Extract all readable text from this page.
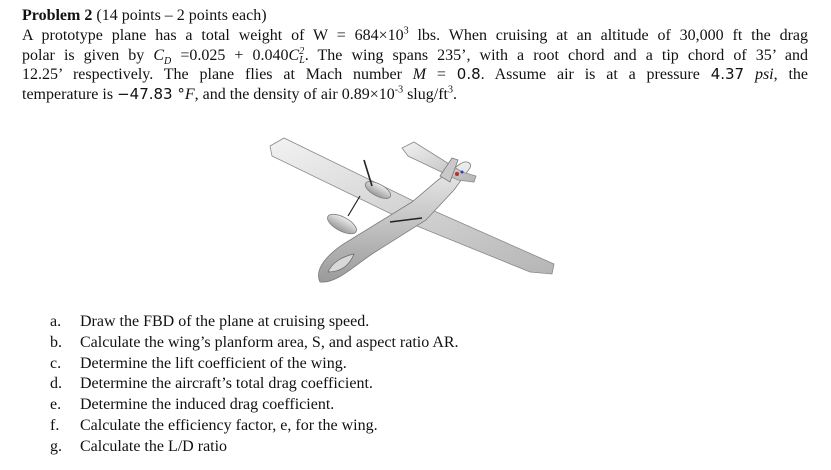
Problem 2 (14 points – 2 points each)
A prototype plane has a total weight of $W = 684\times 10^3$ lbs. When cruising at an altitude of 30,000 ft the drag
polar is given by $C_D =0.025 + 0.040C$ 2
L . The wing spans 235’, with a root chord and a tip chord of 35’ and
12.25’ respectively. The plane flies at Mach number M = 0.8. Assume air is at a pressure 4.37 psi, the
temperature is −47.83 °F, and the density of air $0.89\times 10^{-3}$ slug/$ft^3$.
a.	Draw the FBD of the plane at cruising speed.
b.	Calculate the wing’s planform area, S, and aspect ratio AR.
c.	Determine the lift coefficient of the wing.
d.	Determine the aircraft’s total drag coefficient.
e.	Determine the induced drag coefficient.
f.	Calculate the efficiency factor, e, for the wing.
g.	Calculate the L/D ratio
